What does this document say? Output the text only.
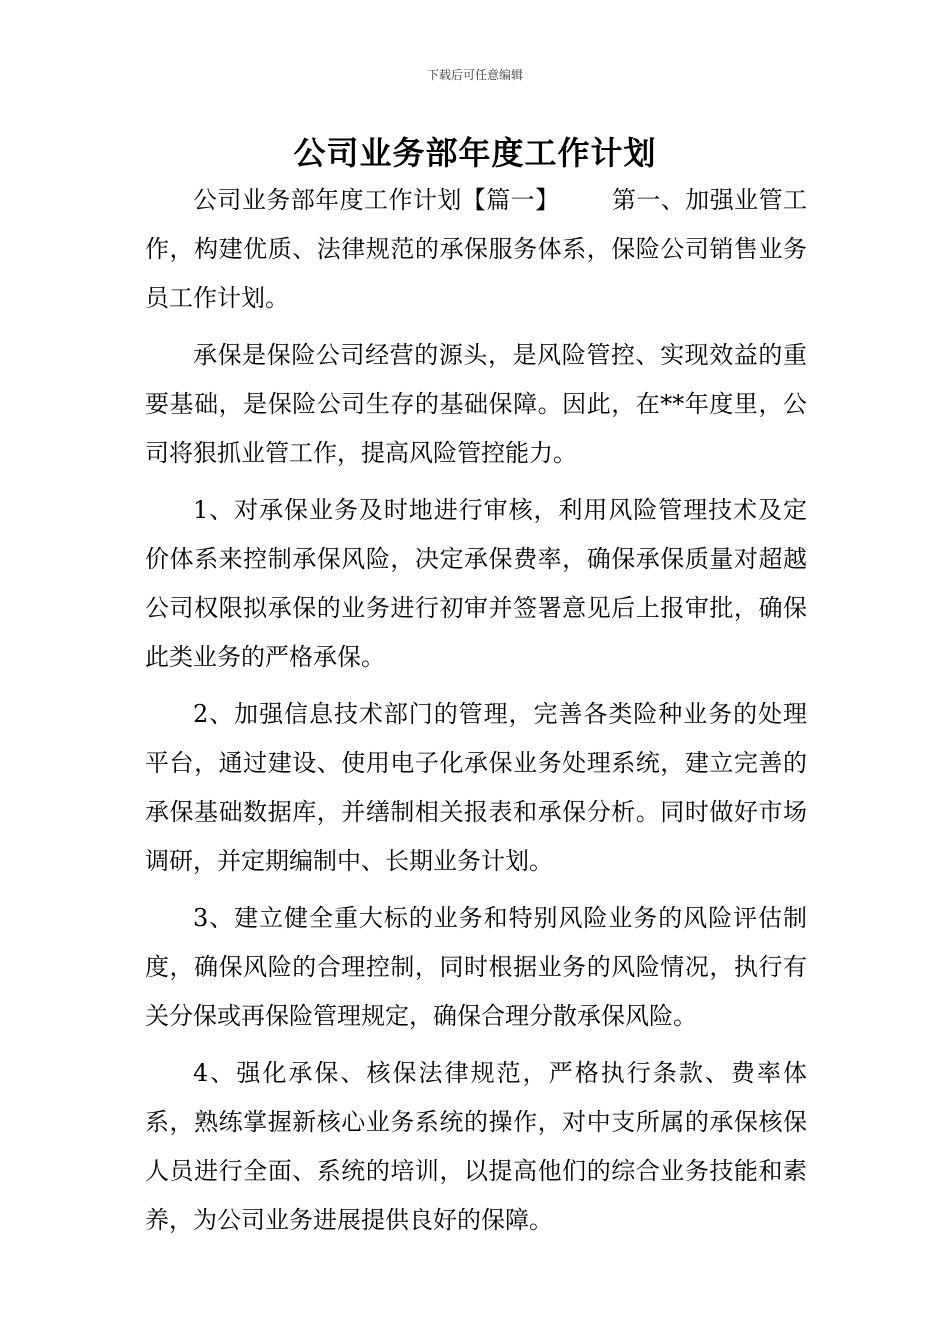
下载后可任意编辑
公司业务部年度工作计划

公司业务部年度工作计划【篇一】 第一、加强业管工作，构建优质、法律规范的承保服务体系，保险公司销售业务员工作计划。

承保是保险公司经营的源头，是风险管控、实现效益的重要基础，是保险公司生存的基础保障。因此，在**年度里，公司将狠抓业管工作，提高风险管控能力。

1、对承保业务及时地进行审核，利用风险管理技术及定价体系来控制承保风险，决定承保费率，确保承保质量对超越公司权限拟承保的业务进行初审并签署意见后上报审批，确保此类业务的严格承保。

2、加强信息技术部门的管理，完善各类险种业务的处理平台，通过建设、使用电子化承保业务处理系统，建立完善的承保基础数据库，并缮制相关报表和承保分析。同时做好市场调研，并定期编制中、长期业务计划。

3、建立健全重大标的业务和特别风险业务的风险评估制度，确保风险的合理控制，同时根据业务的风险情况，执行有关分保或再保险管理规定，确保合理分散承保风险。

4、强化承保、核保法律规范，严格执行条款、费率体系，熟练掌握新核心业务系统的操作，对中支所属的承保核保人员进行全面、系统的培训，以提高他们的综合业务技能和素养，为公司业务进展提供良好的保障。
